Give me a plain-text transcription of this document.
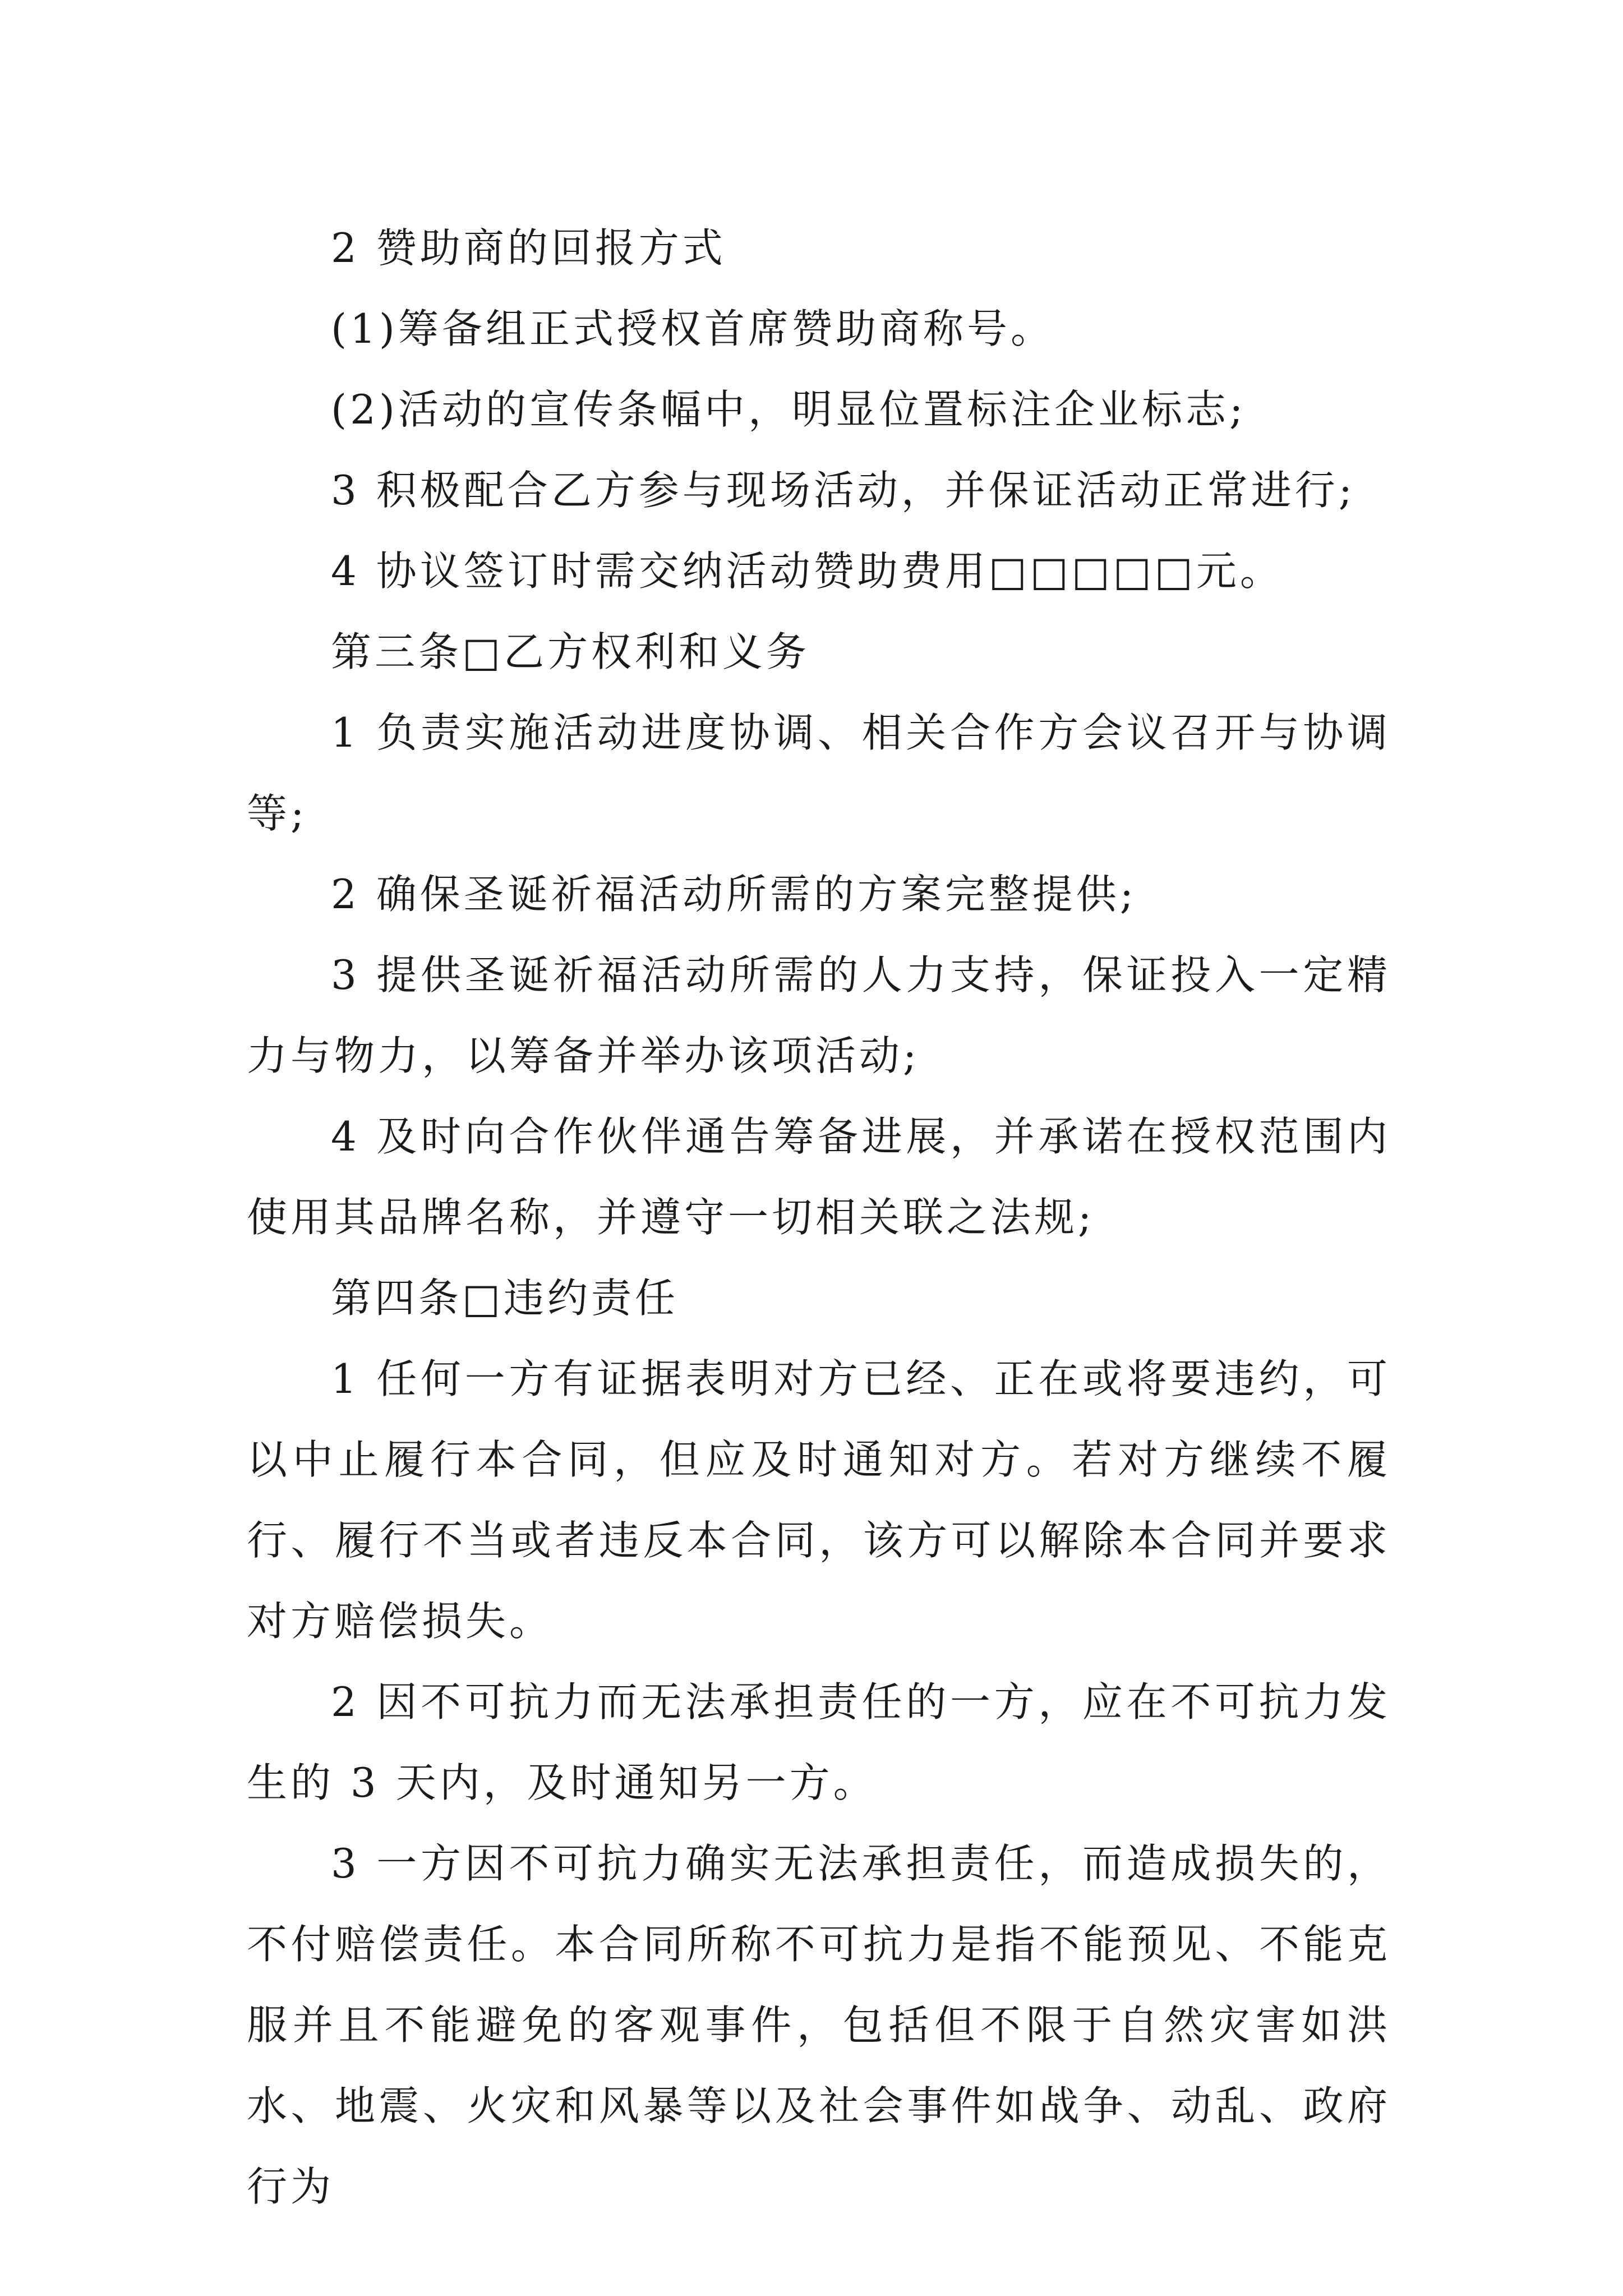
2 赞助商的回报方式

(1)筹备组正式授权首席赞助商称号。

(2)活动的宣传条幅中，明显位置标注企业标志;

3 积极配合乙方参与现场活动，并保证活动正常进行;

4 协议签订时需交纳活动赞助费用□□□□□元。

第三条□乙方权利和义务

1 负责实施活动进度协调、相关合作方会议召开与协调等;

2 确保圣诞祈福活动所需的方案完整提供;

3 提供圣诞祈福活动所需的人力支持，保证投入一定精力与物力，以筹备并举办该项活动;

4 及时向合作伙伴通告筹备进展，并承诺在授权范围内使用其品牌名称，并遵守一切相关联之法规;

第四条□违约责任

1 任何一方有证据表明对方已经、正在或将要违约，可以中止履行本合同，但应及时通知对方。若对方继续不履行、履行不当或者违反本合同，该方可以解除本合同并要求对方赔偿损失。

2 因不可抗力而无法承担责任的一方，应在不可抗力发生的 3 天内，及时通知另一方。

3 一方因不可抗力确实无法承担责任，而造成损失的，不付赔偿责任。本合同所称不可抗力是指不能预见、不能克服并且不能避免的客观事件，包括但不限于自然灾害如洪水、地震、火灾和风暴等以及社会事件如战争、动乱、政府行为
